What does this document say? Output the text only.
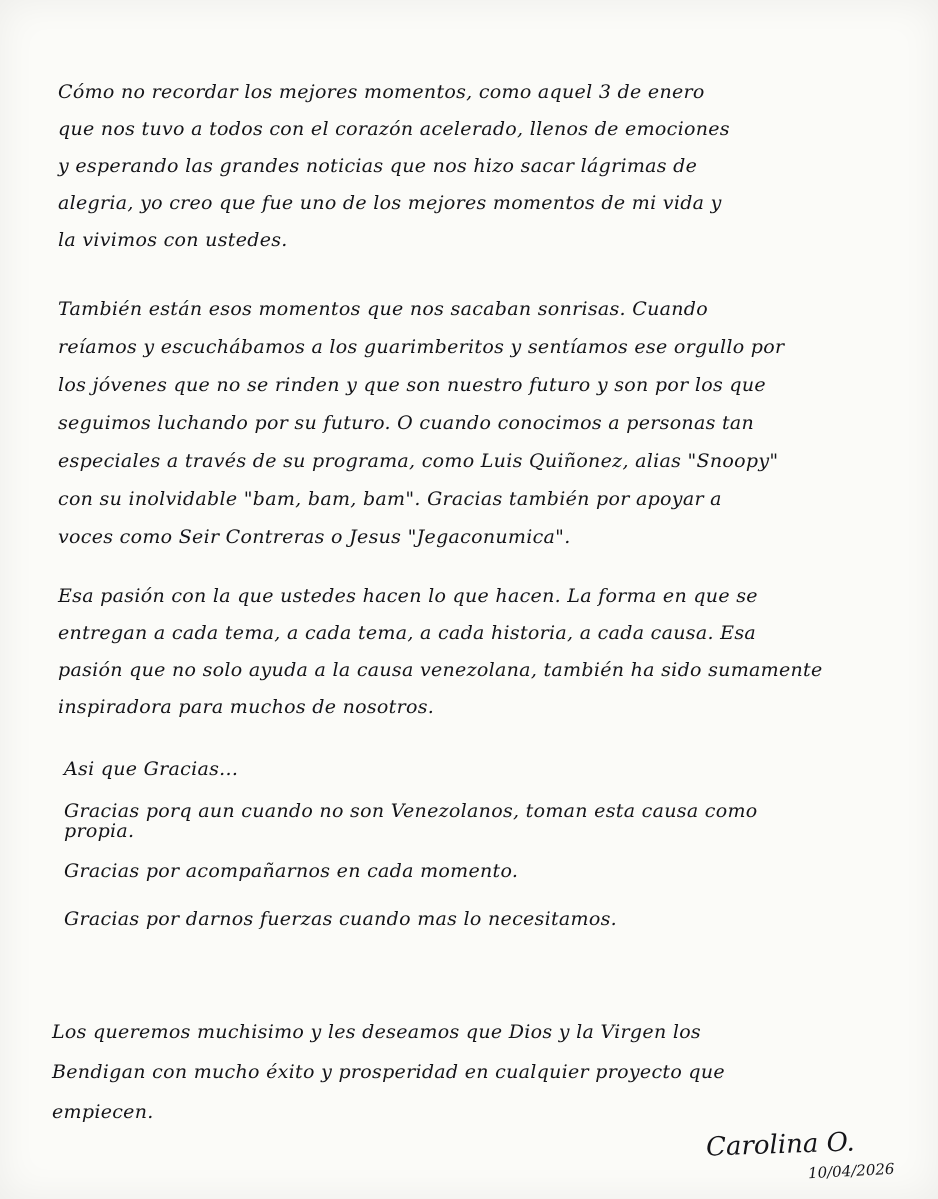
Cómo no recordar los mejores momentos, como aquel 3 de enero
que nos tuvo a todos con el corazón acelerado, llenos de emociones
y esperando las grandes noticias que nos hizo sacar lágrimas de
alegria, yo creo que fue uno de los mejores momentos de mi vida y
la vivimos con ustedes.
También están esos momentos que nos sacaban sonrisas. Cuando
reíamos y escuchábamos a los guarimberitos y sentíamos ese orgullo por
los jóvenes que no se rinden y que son nuestro futuro y son por los que
seguimos luchando por su futuro. O cuando conocimos a personas tan
especiales a través de su programa, como Luis Quiñonez, alias "Snoopy"
con su inolvidable "bam, bam, bam". Gracias también por apoyar a
voces como Seir Contreras o Jesus "Jegaconumica".
Esa pasión con la que ustedes hacen lo que hacen. La forma en que se
entregan a cada tema, a cada tema, a cada historia, a cada causa. Esa
pasión que no solo ayuda a la causa venezolana, también ha sido sumamente
inspiradora para muchos de nosotros.
Asi que Gracias...
Gracias porq aun cuando no son Venezolanos, toman esta causa como
propia.
Gracias por acompañarnos en cada momento.
Gracias por darnos fuerzas cuando mas lo necesitamos.
Los queremos muchisimo y les deseamos que Dios y la Virgen los
Bendigan con mucho éxito y prosperidad en cualquier proyecto que
empiecen.
Carolina O.
10/04/2026
